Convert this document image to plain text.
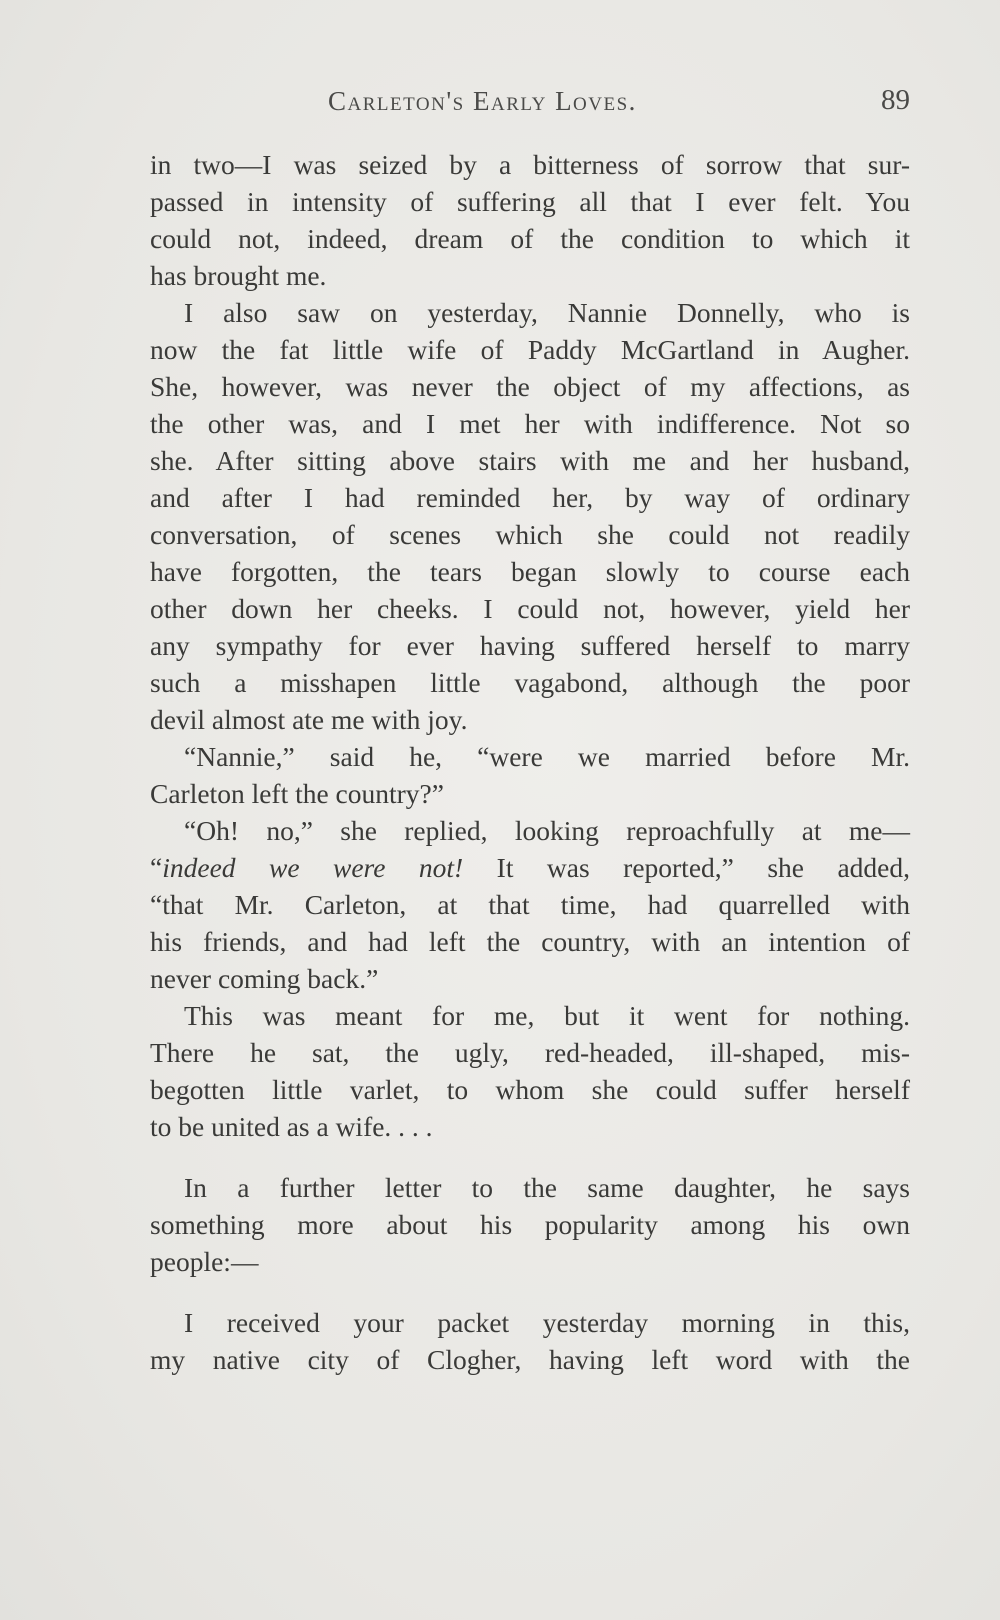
Carleton's Early Loves.	89

in two—I was seized by a bitterness of sorrow that sur-
passed in intensity of suffering all that I ever felt. You
could not, indeed, dream of the condition to which it
has brought me.

I also saw on yesterday, Nannie Donnelly, who is
now the fat little wife of Paddy McGartland in Augher.
She, however, was never the object of my affections, as
the other was, and I met her with indifference. Not so
she. After sitting above stairs with me and her husband,
and after I had reminded her, by way of ordinary
conversation, of scenes which she could not readily
have forgotten, the tears began slowly to course each
other down her cheeks. I could not, however, yield her
any sympathy for ever having suffered herself to marry
such a misshapen little vagabond, although the poor
devil almost ate me with joy.

“Nannie,” said he, “were we married before Mr.
Carleton left the country?”

“Oh! no,” she replied, looking reproachfully at me—
“indeed we were not! It was reported,” she added,
“that Mr. Carleton, at that time, had quarrelled with
his friends, and had left the country, with an intention of
never coming back.”

This was meant for me, but it went for nothing.
There he sat, the ugly, red-headed, ill-shaped, mis-
begotten little varlet, to whom she could suffer herself
to be united as a wife. . . .

In a further letter to the same daughter, he says
something more about his popularity among his own
people:—

I received your packet yesterday morning in this,
my native city of Clogher, having left word with the
